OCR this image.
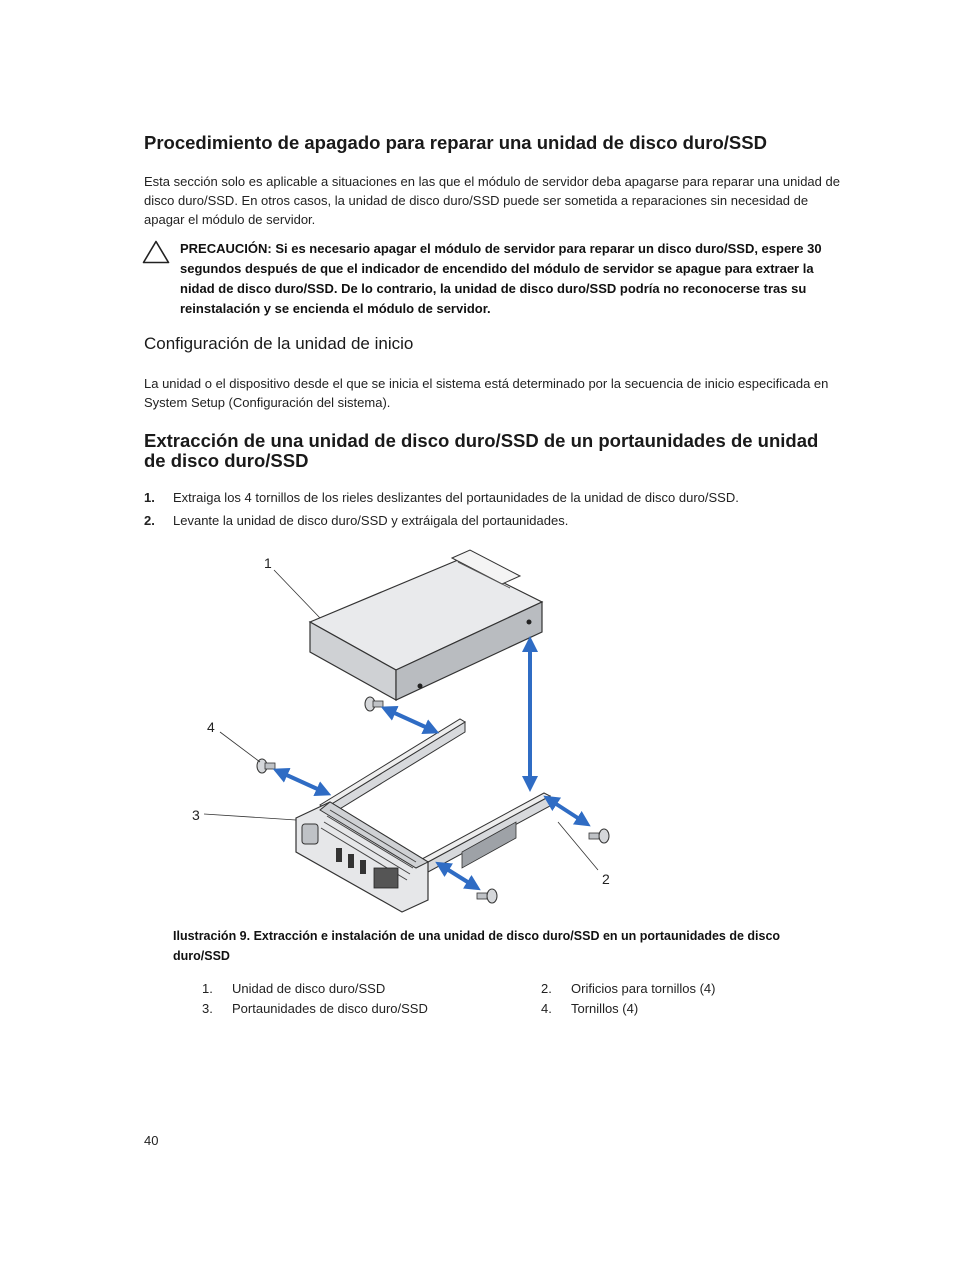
Procedimiento de apagado para reparar una unidad de disco duro/SSD

Esta sección solo es aplicable a situaciones en las que el módulo de servidor deba apagarse para reparar una unidad de disco duro/SSD. En otros casos, la unidad de disco duro/SSD puede ser sometida a reparaciones sin necesidad de apagar el módulo de servidor.

PRECAUCIÓN: Si es necesario apagar el módulo de servidor para reparar un disco duro/SSD, espere 30 segundos después de que el indicador de encendido del módulo de servidor se apague para extraer la nidad de disco duro/SSD. De lo contrario, la unidad de disco duro/SSD podría no reconocerse tras su reinstalación y se encienda el módulo de servidor.

Configuración de la unidad de inicio

La unidad o el dispositivo desde el que se inicia el sistema está determinado por la secuencia de inicio especificada en System Setup (Configuración del sistema).

Extracción de una unidad de disco duro/SSD de un portaunidades de unidad de disco duro/SSD
1. Extraiga los 4 tornillos de los rieles deslizantes del portaunidades de la unidad de disco duro/SSD.
2. Levante la unidad de disco duro/SSD y extráigala del portaunidades.
1
2
3
4

Ilustración 9. Extracción e instalación de una unidad de disco duro/SSD en un portaunidades de disco duro/SSD

1. Unidad de disco duro/SSD	2. Orificios para tornillos (4)
3. Portaunidades de disco duro/SSD	4. Tornillos (4)
40
